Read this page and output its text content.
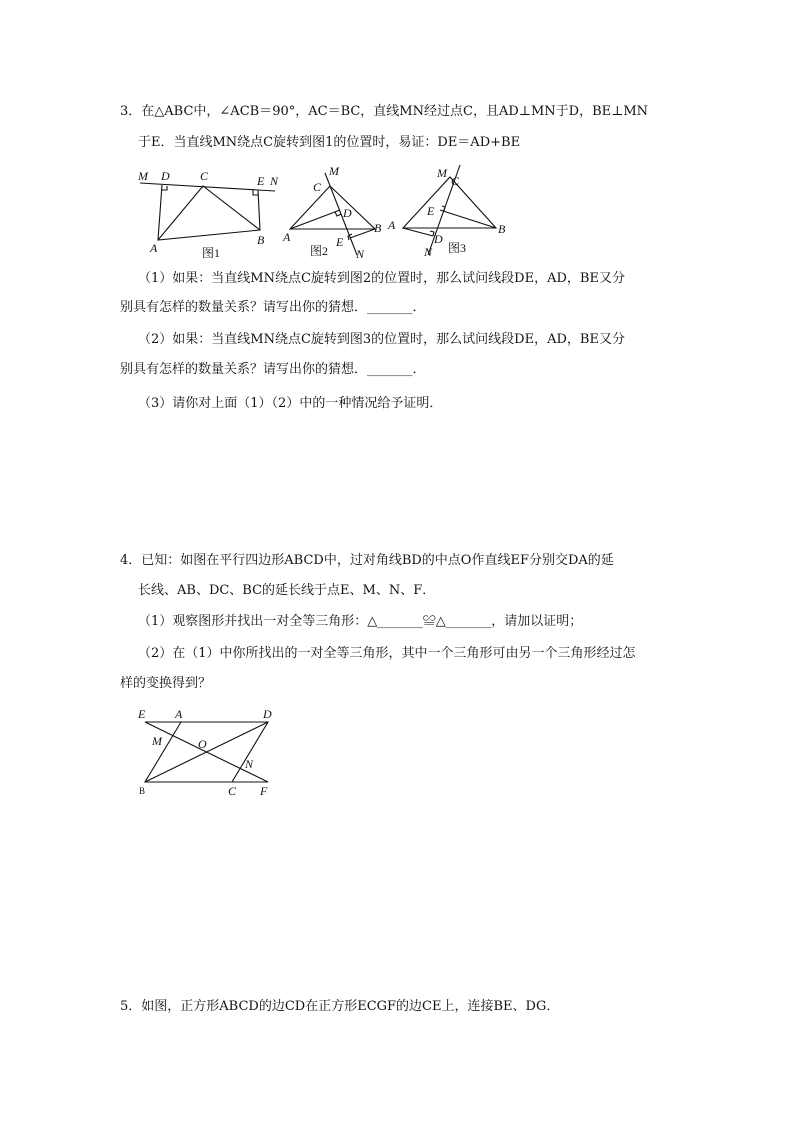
3．在△ABC中，∠ACB＝90°，AC＝BC，直线MN经过点C，且AD⊥MN于D，BE⊥MN
于E．当直线MN绕点C旋转到图1的位置时，易证：DE＝AD+BE
M D	C	E N
A
B
图1
M
C
D
A	E
N
B
图2
M
C
E
A	B
D
N 图3
E A	D
M	O
N
B	C F
（1）如果：当直线MN绕点C旋转到图2的位置时，那么试问线段DE，AD，BE又分
别具有怎样的数量关系？请写出你的猜想．_______．
（2）如果：当直线MN绕点C旋转到图3的位置时，那么试问线段DE，AD，BE又分
别具有怎样的数量关系？请写出你的猜想．_______．
（3）请你对上面（1）（2）中的一种情况给予证明．
4．已知：如图在平行四边形ABCD中，过对角线BD的中点O作直线EF分别交DA的延
长线、AB、DC、BC的延长线于点E、M、N、F．
（1）观察图形并找出一对全等三角形：△_______≌△_______，请加以证明；
（2）在（1）中你所找出的一对全等三角形，其中一个三角形可由另一个三角形经过怎
样的变换得到？
5．如图，正方形ABCD的边CD在正方形ECGF的边CE上，连接BE、DG．
